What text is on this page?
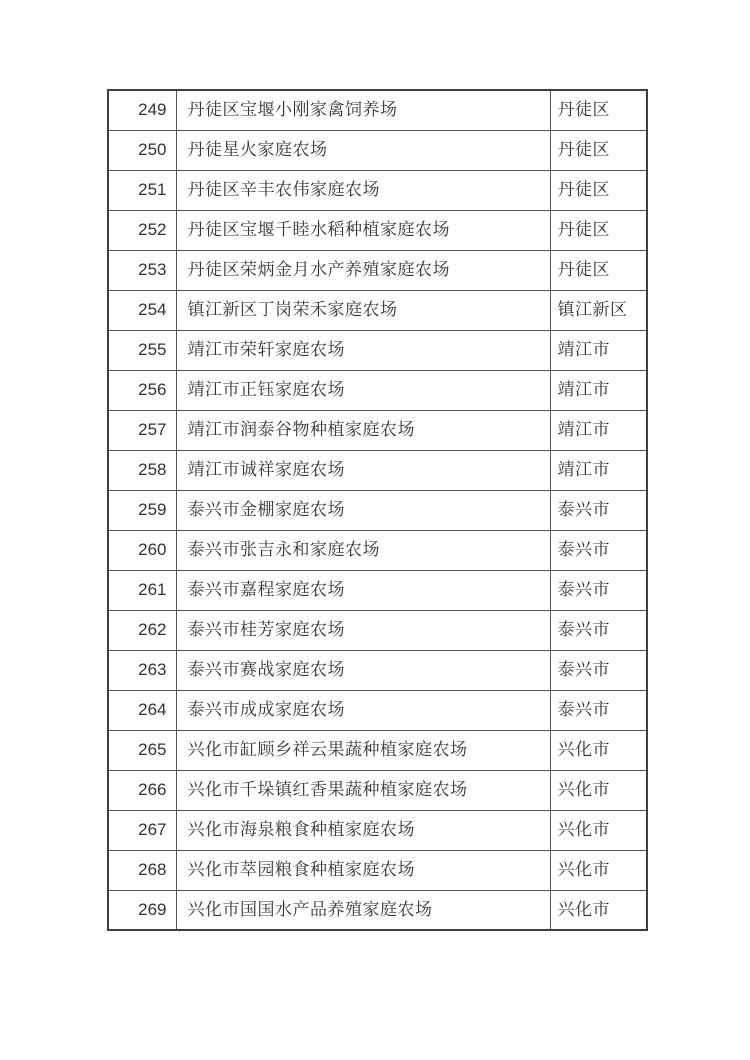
249	丹徒区宝堰小刚家禽饲养场	丹徒区
250	丹徒星火家庭农场	丹徒区
251	丹徒区辛丰农伟家庭农场	丹徒区
252	丹徒区宝堰千睦水稻种植家庭农场	丹徒区
253	丹徒区荣炳金月水产养殖家庭农场	丹徒区
254	镇江新区丁岗荣禾家庭农场	镇江新区
255	靖江市荣轩家庭农场	靖江市
256	靖江市正钰家庭农场	靖江市
257	靖江市润泰谷物种植家庭农场	靖江市
258	靖江市诚祥家庭农场	靖江市
259	泰兴市金棚家庭农场	泰兴市
260	泰兴市张吉永和家庭农场	泰兴市
261	泰兴市嘉程家庭农场	泰兴市
262	泰兴市桂芳家庭农场	泰兴市
263	泰兴市赛战家庭农场	泰兴市
264	泰兴市成成家庭农场	泰兴市
265	兴化市缸顾乡祥云果蔬种植家庭农场	兴化市
266	兴化市千垛镇红香果蔬种植家庭农场	兴化市
267	兴化市海泉粮食种植家庭农场	兴化市
268	兴化市萃园粮食种植家庭农场	兴化市
269	兴化市国国水产品养殖家庭农场	兴化市
